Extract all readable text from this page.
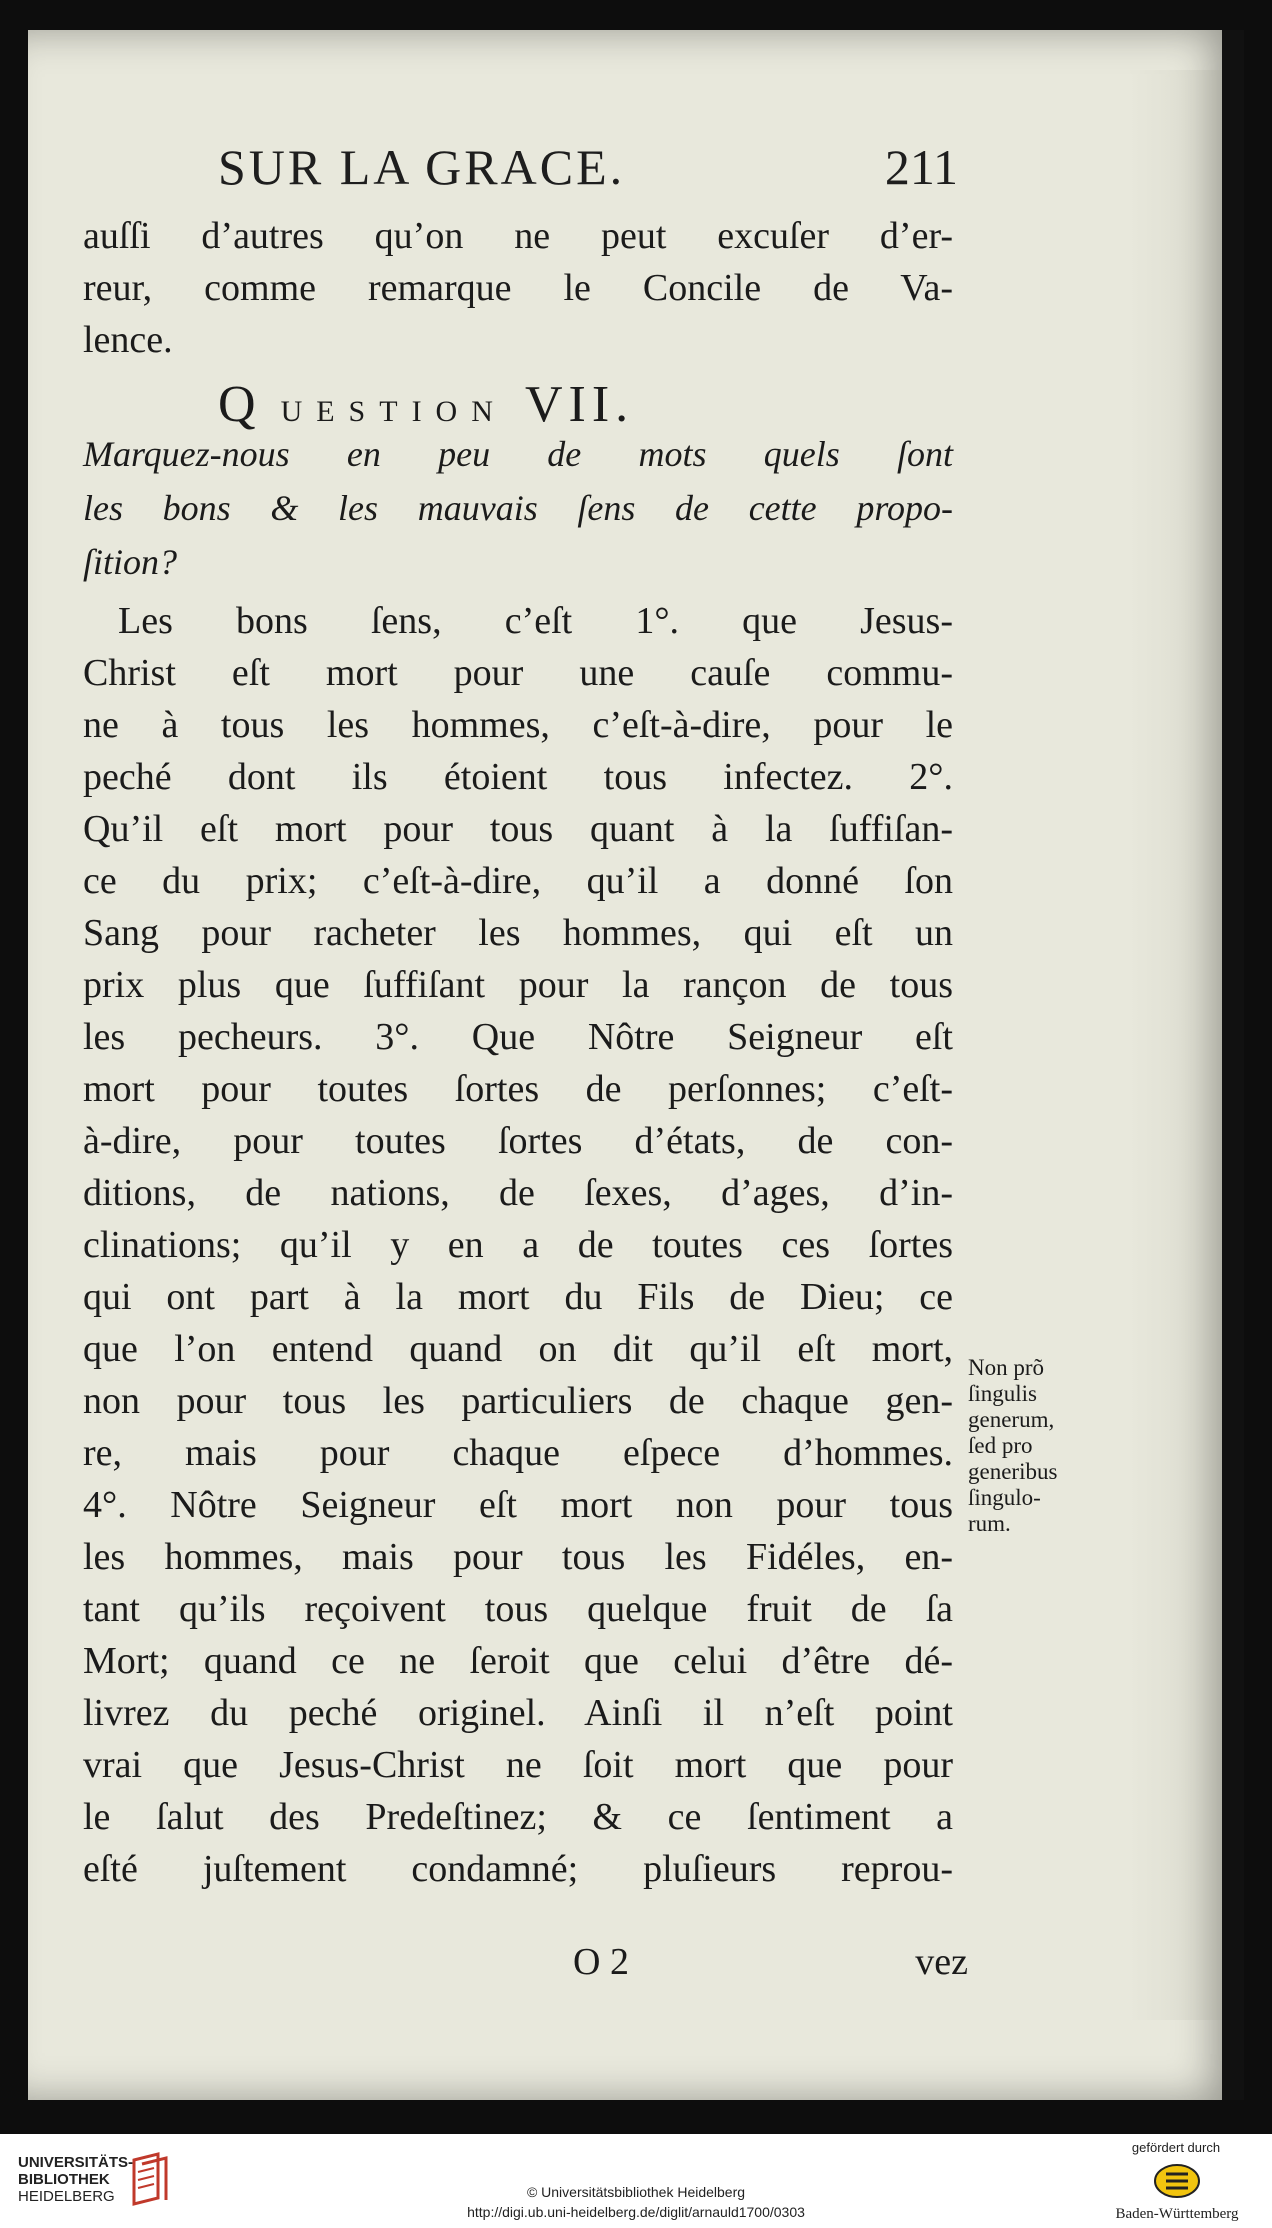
SUR LA GRACE.	211
auſſi d’autres qu’on ne peut excuſer d’er-
reur, comme remarque le Concile de Va-
lence.
Q UESTION VII.
Marquez-nous en peu de mots quels ſont
les bons & les mauvais ſens de cette propo-
ſition?
Les bons ſens, c’eſt 1°. que Jesus-
Christ eſt mort pour une cauſe commu-
ne à tous les hommes, c’eſt-à-dire, pour le
peché dont ils étoient tous infectez. 2°.
Qu’il eſt mort pour tous quant à la ſuffiſan-
ce du prix; c’eſt-à-dire, qu’il a donné ſon
Sang pour racheter les hommes, qui eſt un
prix plus que ſuffiſant pour la rançon de tous
les pecheurs. 3°. Que Nôtre Seigneur eſt
mort pour toutes ſortes de perſonnes; c’eſt-
à-dire, pour toutes ſortes d’états, de con-
ditions, de nations, de ſexes, d’ages, d’in-
clinations; qu’il y en a de toutes ces ſortes
qui ont part à la mort du Fils de Dieu; ce
que l’on entend quand on dit qu’il eſt mort,
non pour tous les particuliers de chaque gen-
re, mais pour chaque eſpece d’hommes.
4°. Nôtre Seigneur eſt mort non pour tous
les hommes, mais pour tous les Fidéles, en-
tant qu’ils reçoivent tous quelque fruit de ſa
Mort; quand ce ne ſeroit que celui d’être dé-
livrez du peché originel. Ainſi il n’eſt point
vrai que Jesus-Christ ne ſoit mort que pour
le ſalut des Predeſtinez; & ce ſentiment a
eſté juſtement condamné; pluſieurs reprou-
Non prõ
ſingulis
generum,
ſed pro
generibus
ſingulo-
rum.
O 2	vez
UNIVERSITÄTS-
BIBLIOTHEK
HEIDELBERG	© Universitätsbibliothek Heidelberg
http://digi.ub.uni-heidelberg.de/diglit/arnauld1700/0303
gefördert durch
Baden-Württemberg
